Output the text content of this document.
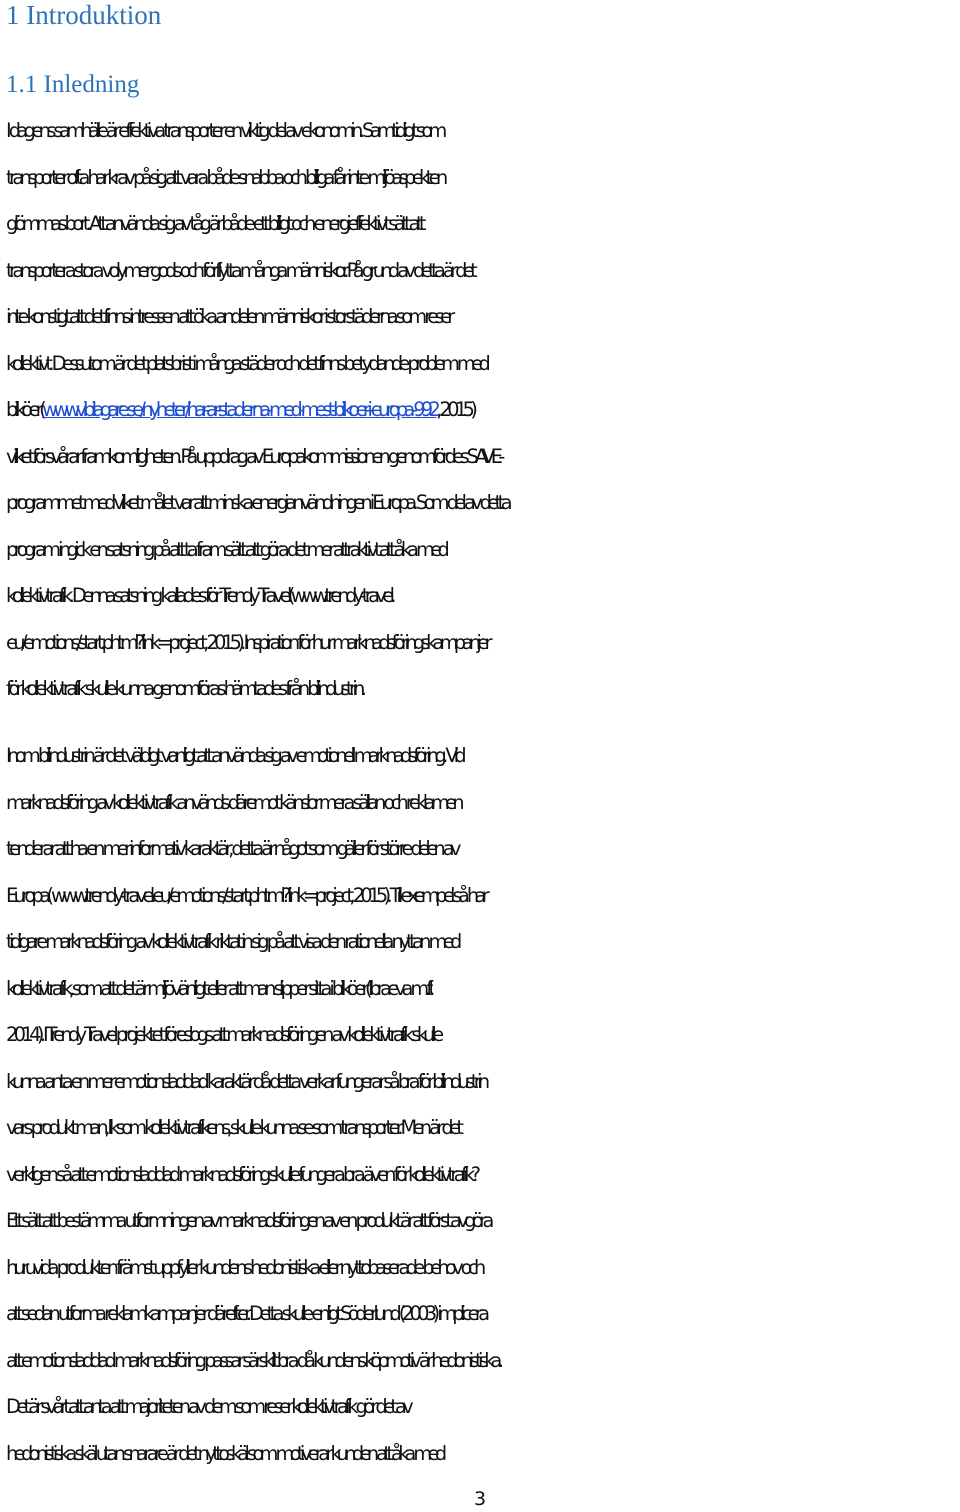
1 Introduktion
1.1 Inledning
I dagens samhälle är effektiva transporter en viktig del av ekonomin. Samtidigt som
transporter ofta har krav på sig att vara både snabba och billiga får inte miljöaspekten
glömmas bort. Att använda sig av tåg är både ett billigt och energieffektivt sätt att
transportera stora volymer gods och förflytta många människor. På grund av detta är det
inte konstigt att det finns intressen att öka andelen människor i storstäderna som reser
kollektivt. Dessutom är det platsbrist i många städer och det finns betydande problem med
bilköer(www.vibilagare.se/nyheter/har-ar-staderna-med-mest-bilkoer-i-europa-992, 2015)
vilket försvårar framkomligheten. På uppdrag av Europakommissionen genomfördes SAVE-
programmet med vilket målet var att minska energianvändningen i Europa. Som del av detta
program ingick en satsning på att ta fram sätt att göra det mer attraktivt att åka med
kollektivtrafik. Denna satsning kallades för Trendy Travel(www.trendy-travel.
eu/emotions/start.phtml?link=project, 2015). Inspiration för hur marknadsföringskampanjer
för kollektivtrafik skulle kunna genomföras hämtades från bilindustrin.
Inom bilindustrin är det väldigt vanligt att använda sig av emotionell marknadsföring. Vid
marknadsföring av kollektivtrafik används däremot känslor mera sällan och reklamen
tenderar att ha en mer informativ karaktär, detta är något som gäller för större delen av
Europa( www.trendy-travel.eu/emotions/start.phtml?link=project, 2015). Till exempel så har
tidigare marknadsföring av kollektivtrafik riktat in sig på att visa den rationella nyttan med
kollektivtrafik, som att det är miljövänligt eller att man slipper sitta i bilköer(Ibraeva m.fl.
2014). I Trendy Travel projektet föreslogs att marknadsföringen av kollektivtrafik skulle
kunna anta en mer emotionsladdad karaktär då detta verkar fungerar så bra för bilindustrin
vars produkt man, liksom kollektivtrafikens, skulle kunna se som transporter. Men är det
verkligen så att emotionsladdad marknadsföring skulle fungera bra även för kollektivtrafik?
Ett sätt att bestämma utformningen av marknadsföringen av en produkt är att först avgöra
huruvida produkten främst uppfyller kundens hedonistiska eller nyttobaserade behov och
att sedan utforma reklamkampanjer därefter. Detta skulle enligt Söderlund (2003) implicera
att emotionsladdad marknadsföring passar särskilt bra då kundens köpmotiv är hedonistiska.
Det är svårt att anta att majoriteten av dem som reser kollektivtrafik gör det av
hedonistiska skäl utan snarare är det nyttoskäl som motiverar kunden att åka med
3
